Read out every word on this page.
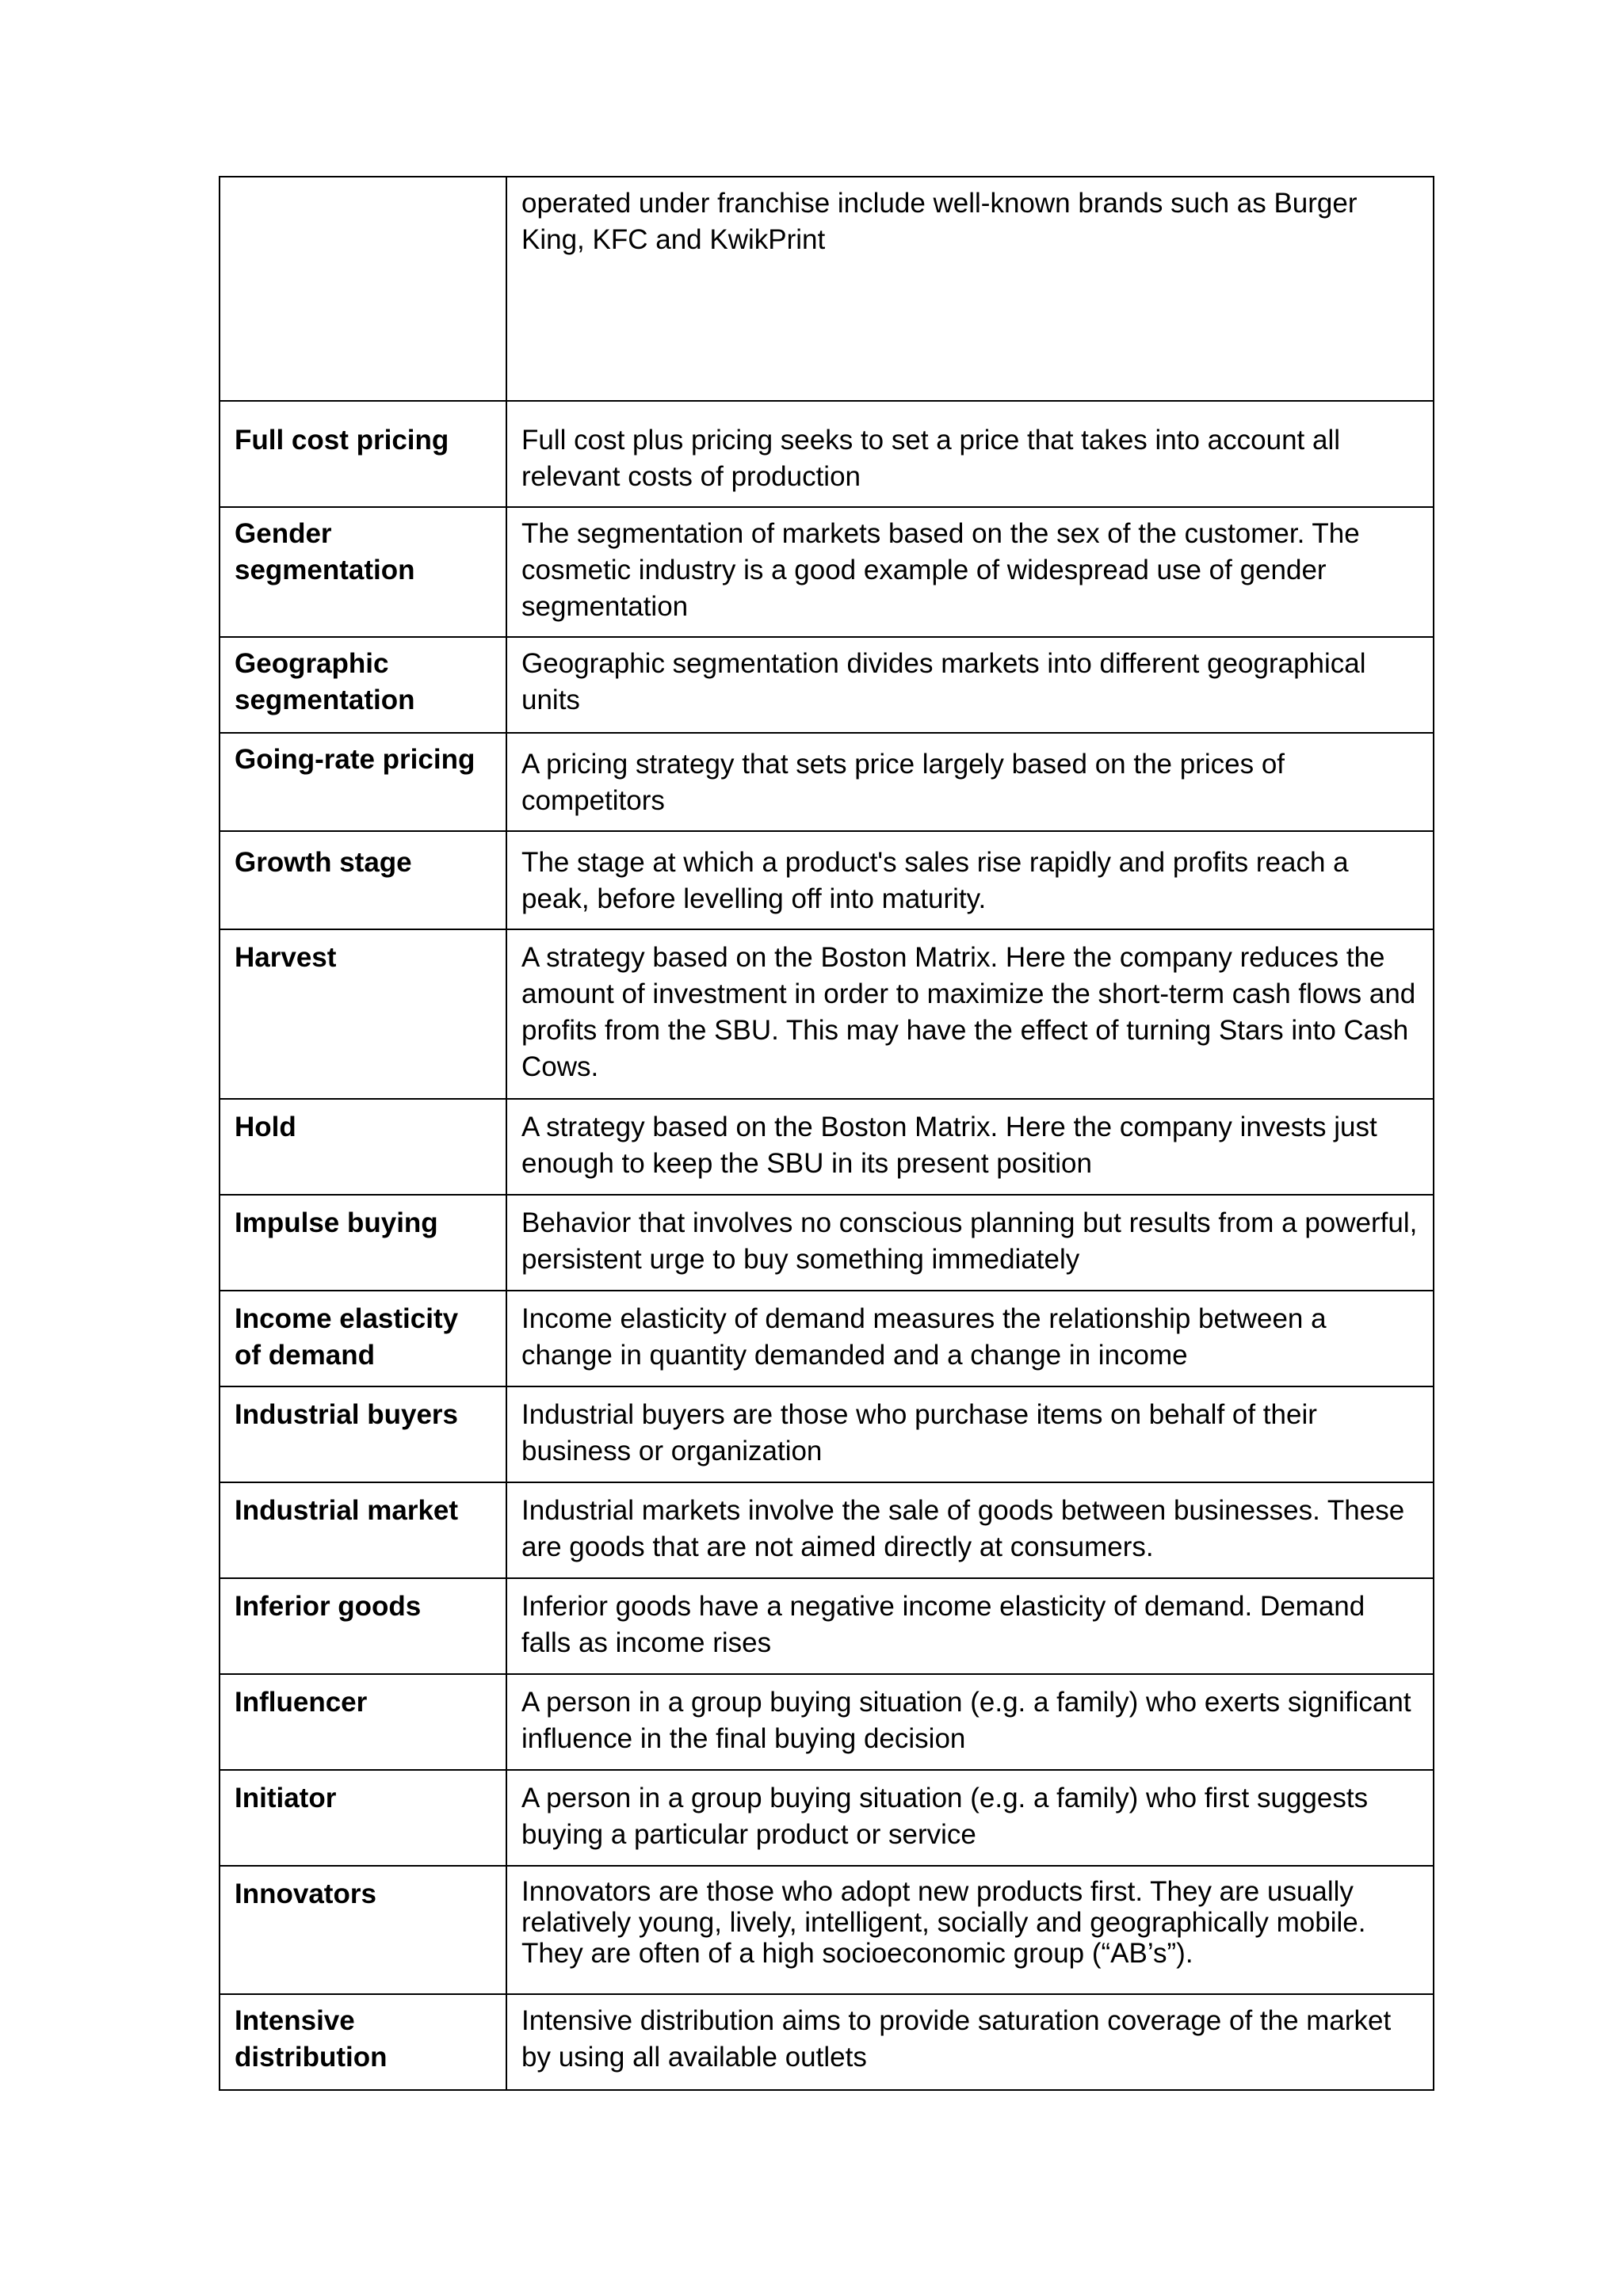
	operated under franchise include well-known brands such as Burger King, KFC and KwikPrint
Full cost pricing	Full cost plus pricing seeks to set a price that takes into account all relevant costs of production
Gender segmentation	The segmentation of markets based on the sex of the customer. The cosmetic industry is a good example of widespread use of gender segmentation
Geographic segmentation	Geographic segmentation divides markets into different geographical units
Going-rate pricing	A pricing strategy that sets price largely based on the prices of competitors
Growth stage	The stage at which a product's sales rise rapidly and profits reach a peak, before levelling off into maturity.
Harvest	A strategy based on the Boston Matrix. Here the company reduces the amount of investment in order to maximize the short-term cash flows and profits from the SBU. This may have the effect of turning Stars into Cash Cows.
Hold	A strategy based on the Boston Matrix. Here the company invests just enough to keep the SBU in its present position
Impulse buying	Behavior that involves no conscious planning but results from a powerful, persistent urge to buy something immediately
Income elasticity of demand	Income elasticity of demand measures the relationship between a change in quantity demanded and a change in income
Industrial buyers	Industrial buyers are those who purchase items on behalf of their business or organization
Industrial market	Industrial markets involve the sale of goods between businesses. These are goods that are not aimed directly at consumers.
Inferior goods	Inferior goods have a negative income elasticity of demand. Demand falls as income rises
Influencer	A person in a group buying situation (e.g. a family) who exerts significant influence in the final buying decision
Initiator	A person in a group buying situation (e.g. a family) who first suggests buying a particular product or service
Innovators	Innovators are those who adopt new products first. They are usually relatively young, lively, intelligent, socially and geographically mobile. They are often of a high socioeconomic group (“AB’s”).
Intensive distribution	Intensive distribution aims to provide saturation coverage of the market by using all available outlets
